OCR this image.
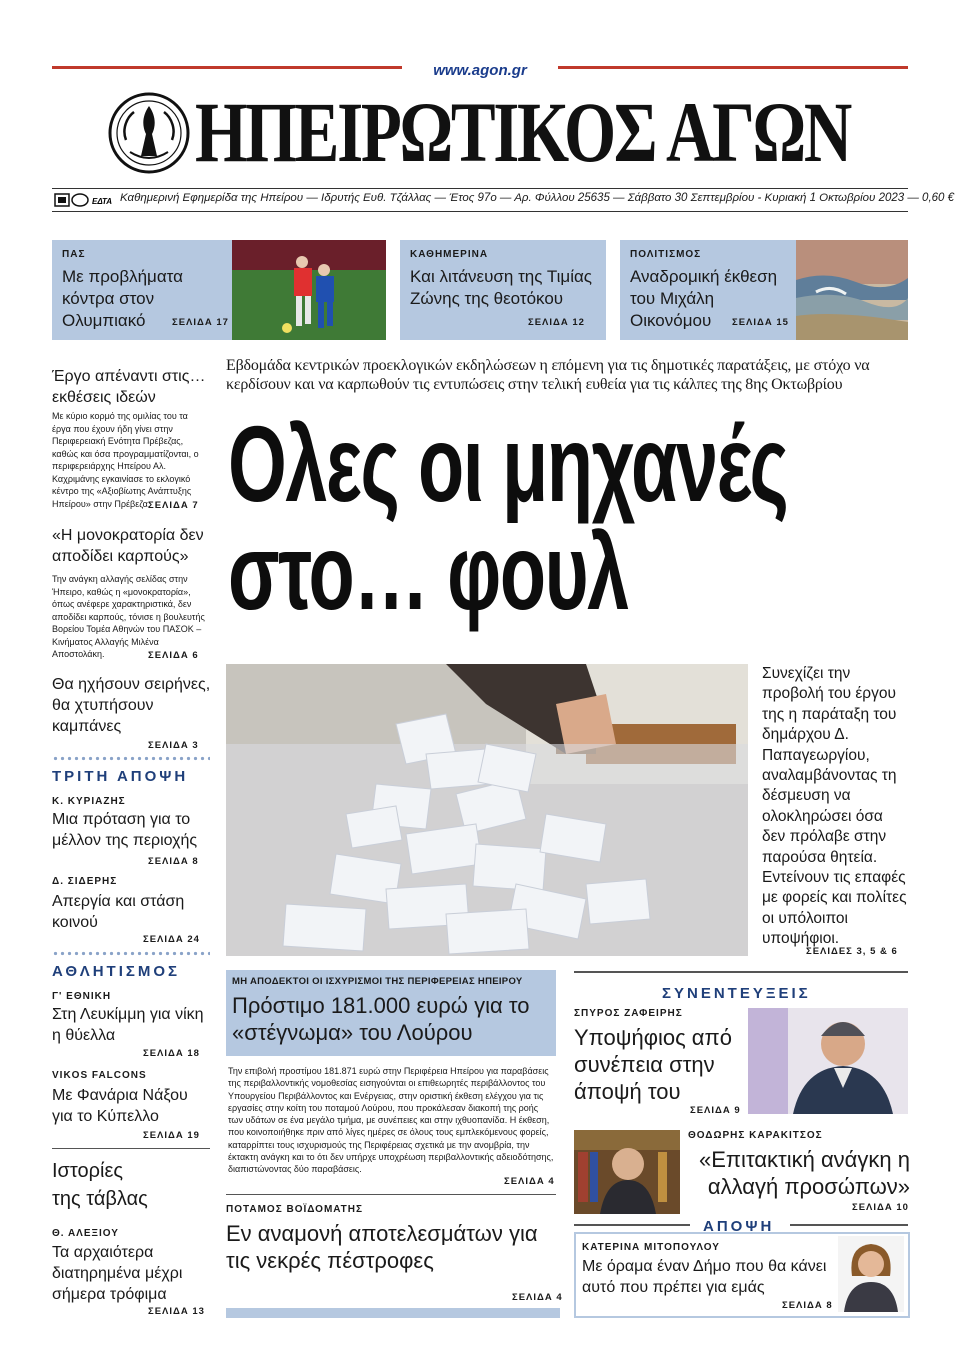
www.agon.gr
ΗΠΕΙΡΩΤΙΚΟΣ ΑΓΩΝ
ΕΔΤΑ Καθημερινή Εφημερίδα της Ηπείρου — Ιδρυτής Ευθ. Τζάλλας — Έτος 97ο — Αρ. Φύλλου 25635 — Σάββατο 30 Σεπτεμβρίου - Κυριακή 1 Οκτωβρίου 2023 — 0,60 €
ΠΑΣ
Με προβλήματα κόντρα στον Ολυμπιακό	ΣΕΛΙΔΑ 17
ΚΑΘΗΜΕΡΙΝΑ
Και λιτάνευση της Τιμίας Ζώνης της θεοτόκου
ΣΕΛΙΔΑ 12
ΠΟΛΙΤΙΣΜΟΣ
Αναδρομική έκθεση του Μιχάλη Οικονόμου	ΣΕΛΙΔΑ 15
Έργο απέναντι στις… εκθέσεις ιδεών
Με κύριο κορμό της ομιλίας του τα έργα που έχουν ήδη γίνει στην Περιφερειακή Ενότητα Πρέβεζας, καθώς και όσα προγραμματίζονται, ο περιφερειάρχης Ηπείρου Αλ. Καχριμάνης εγκαινίασε το εκλογικό κέντρο της «Αξιοβίωτης Ανάπτυξης Ηπείρου» στην Πρέβεζα.
ΣΕΛΙΔΑ 7
«Η μονοκρατορία δεν αποδίδει καρπούς»
Την ανάγκη αλλαγής σελίδας στην Ήπειρο, καθώς η «μονοκρατορία», όπως ανέφερε χαρακτηριστικά, δεν αποδίδει καρπούς, τόνισε η βουλευτής Βορείου Τομέα Αθηνών του ΠΑΣΟΚ – Κινήματος Αλλαγής Μιλένα Αποστολάκη.	ΣΕΛΙΔΑ 6
Θα ηχήσουν σειρήνες, θα χτυπήσουν καμπάνες
ΣΕΛΙΔΑ 3
ΤΡΙΤΗ ΑΠΟΨΗ
Κ. ΚΥΡΙΑΖΗΣ
Μια πρόταση για το μέλλον της περιοχής
ΣΕΛΙΔΑ 8
Δ. ΣΙΔΕΡΗΣ
Απεργία και στάση κοινού
ΣΕΛΙΔΑ 24
ΑΘΛΗΤΙΣΜΟΣ
Γ' ΕΘΝΙΚΗ
Στη Λευκίμμη για νίκη η θύελλα
ΣΕΛΙΔΑ 18
VIKOS FALCONS
Με Φανάρια Νάξου για το Κύπελλο
ΣΕΛΙΔΑ 19
Ιστορίες
της τάβλας
Θ. ΑΛΕΞΙΟΥ
Τα αρχαιότερα διατηρημένα μέχρι σήμερα τρόφιμα
ΣΕΛΙΔΑ 13
Εβδομάδα κεντρικών προεκλογικών εκδηλώσεων η επόμενη για τις δημοτικές παρατάξεις, με στόχο να κερδίσουν και να καρπωθούν τις εντυπώσεις στην τελική ευθεία για τις κάλπες της 8ης Οκτωβρίου
Ολες οι μηχανές
στο… φουλ
Συνεχίζει την προβολή του έργου της η παράταξη του δημάρχου Δ. Παπαγεωργίου, αναλαμβάνοντας τη δέσμευση να ολοκληρώσει όσα δεν πρόλαβε στην παρούσα θητεία. Εντείνουν τις επαφές με φορείς και πολίτες οι υπόλοιποι υποψήφιοι.
ΣΕΛΙΔΕΣ 3, 5 & 6
ΜΗ ΑΠΟΔΕΚΤΟΙ ΟΙ ΙΣΧΥΡΙΣΜΟΙ ΤΗΣ ΠΕΡΙΦΕΡΕΙΑΣ ΗΠΕΙΡΟΥ
Πρόστιμο 181.000 ευρώ για το «στέγνωμα» του Λούρου
Την επιβολή προστίμου 181.871 ευρώ στην Περιφέρεια Ηπείρου για παραβάσεις της περιβαλλοντικής νομοθεσίας εισηγούνται οι επιθεωρητές περιβάλλοντος του Υπουργείου Περιβάλλοντος και Ενέργειας, στην οριστική έκθεση ελέγχου για τις εργασίες στην κοίτη του ποταμού Λούρου, που προκάλεσαν διακοπή της ροής των υδάτων σε ένα μεγάλο τμήμα, με συνέπειες και στην ιχθυοπανίδα. Η έκθεση, που κοινοποιήθηκε πριν από λίγες ημέρες σε όλους τους εμπλεκόμενους φορείς, καταρρίπτει τους ισχυρισμούς της Περιφέρειας σχετικά με την ανομβρία, την έκτακτη ανάγκη και το ότι δεν υπήρχε υποχρέωση περιβαλλοντικής αδειοδότησης, διαπιστώνοντας δύο παραβάσεις.
ΣΕΛΙΔΑ 4
ΠΟΤΑΜΟΣ ΒΟΪΔΟΜΑΤΗΣ
Εν αναμονή αποτελεσμάτων για τις νεκρές πέστροφες
ΣΕΛΙΔΑ 4
ΣΥΝΕΝΤΕΥΞΕΙΣ
ΣΠΥΡΟΣ ΖΑΦΕΙΡΗΣ
Υποψήφιος από συνέπεια στην άποψή του
ΣΕΛΙΔΑ 9
ΘΟΔΩΡΗΣ ΚΑΡΑΚΙΤΣΟΣ
«Επιτακτική ανάγκη η αλλαγή προσώπων»
ΣΕΛΙΔΑ 10
ΑΠΟΨΗ
ΚΑΤΕΡΙΝΑ ΜΙΤΟΠΟΥΛΟΥ
Με όραμα έναν Δήμο που θα κάνει αυτό που πρέπει για εμάς
ΣΕΛΙΔΑ 8
